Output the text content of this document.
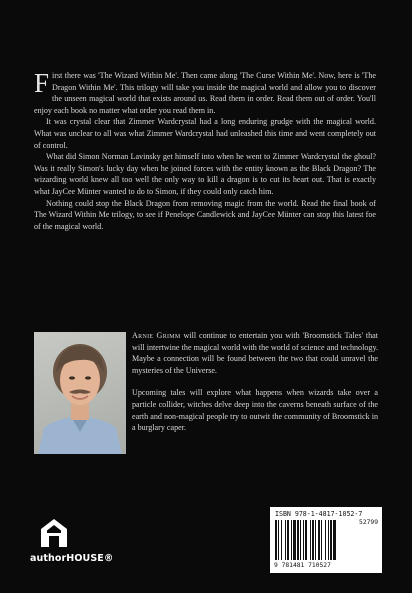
First there was 'The Wizard Within Me'. Then came along 'The Curse Within Me'. Now, here is 'The Dragon Within Me'. This trilogy will take you inside the magical world and allow you to discover the unseen magical world that exists around us. Read them in order. Read them out of order. You'll enjoy each book no matter what order you read them in.

It was crystal clear that Zimmer Wardcrystal had a long enduring grudge with the magical world. What was unclear to all was what Zimmer Wardcrystal had unleashed this time and went completely out of control.

What did Simon Norman Lavinsky get himself into when he went to Zimmer Wardcrystal the ghoul? Was it really Simon's lucky day when he joined forces with the entity known as the Black Dragon? The wizarding world knew all too well the only way to kill a dragon is to cut its heart out. That is exactly what JayCee Münter wanted to do to Simon, if they could only catch him.

Nothing could stop the Black Dragon from removing magic from the world. Read the final book of The Wizard Within Me trilogy, to see if Penelope Candlewick and JayCee Münter can stop this latest foe of the magical world.

Arnie Grimm will continue to entertain you with 'Broomstick Tales' that will intertwine the magical world with the world of science and technology. Maybe a connection will be found between the two that could unravel the mysteries of the Universe.

Upcoming tales will explore what happens when wizards take over a particle collider, witches delve deep into the caverns beneath surface of the earth and non-magical people try to outwit the community of Broomstick in a burglary caper.

authorHOUSE®
ISBN 978-1-4817-1052-7
52799
9 781481 710527
